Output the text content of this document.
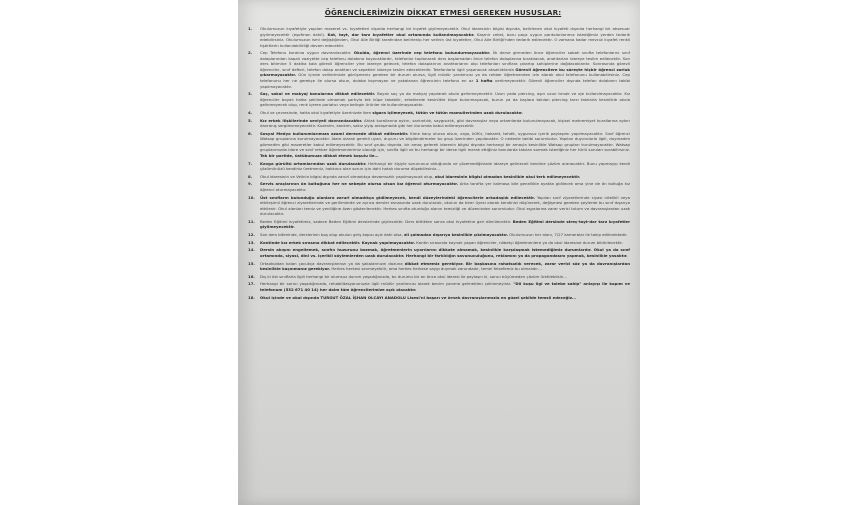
ÖĞRENCİLERİMİZİN DİKKAT ETMESİ GEREKEN HUSUSLAR:
1.	Okulumuzun kıyafetiyle yapılan mazeret vs. kıyafetleri dışında herhangi bir kıyafet giyilmeyecektir. Okul idaresinin bilgisi dışında, belirlenen okul kıyafeti dışında herhangi bir aksesuar giyilmeyecektir (eşofman dahil). Kot, tayt, dar tarz kıyafetler okul ortamında kullanılmayacaktır. Kaşmir ceket, boru paça uygun pantolonlarımız istediğimiz yerden tedarik edebilirsiniz. Okulumuzun ismi değiştiğinden, Okul Aile Birliği tarafından belirlenip her velinin üst kıyafetler, Okul Aile Birliği'nden tedarik edilecektir. O zamana kadar mevcut kıyafet renkli tişörtlerin kullanılabilirliği devam edecektir.
2.	Cep Telefonu kuralına uygun davranılacaktır. Okulda, öğrenci üzerinde cep telefonu bulundurmayacaktır. İlk derse girmeden önce öğrenciler sabah sınıfta telefonlarını sınıf dolaplarından kapalı vaziyette cep telefonu dolabına koyacaklardır, telefonlar toplanarak ders başlamadan önce telefon dolaplarına bırakılacak, anahtarları idareye teslim edilecektir. Son ders bitimine 5 dakika kala görevli öğrenciler yine idareye gelecek, telefon dolaplarının anahtarlarını alıp telefonları sınıflara çıkartıp sahiplerine dağıtacaklardır. Sonrasında görevli öğrenciler, sınıf defteri, telefon dolap anahtarı ve sepetleri idareye teslim edeceklerdir. Telefonlarla ilgili yaşanacak aksaklıklarda Görevli öğrencilere bu süreçte hiçbir öğrenci zorluk çıkarmayacaktır. Gün içinde velilerimizle görüşmeniz gereken bir durum olursa, ilgili müdür yardımcısı ya da rehber öğretmenden izin alarak okul telefonunu kullanabilirsiniz. Cep telefonunu her ne gerekçe ile olursa olsun, dolaba koymayan ve yakalanan öğrencinin telefonu en az 1 hafta verilmeyecektir. Görevli öğrenciler dışında telefon dolabının takibi yapılmayacaktır.
3.	Saç, sakal ve makyaj konularına dikkat edilecektir. Boyalı saç ya da makyaj yapılarak okula gelinmeyecektir. Uzun yada piercing, aşırı uzun tırnak ve oje kullanılmayacaktır. Kız öğrenciler boyalı halka şeklinde olmamak şartıyla tek küpe takabilir, erkeklerde kesinlikle küpe bulunmayacak, burun ya da kaşlara takılan piercing tarzı takılarla kesinlikle okula gelinmeyecek olup, renk içeren parlatıcı veya belirgin ürünler de kullanılmayacaktır.
4.	Okul ve çevresinde, hatta okul kıyafetiyle üzerinizde iken sigara içilmeyecek, tütün ve tütün mamullerinden uzak durulacaktır.
5.	Kız erkek ilişkilerinde seviyeli davranılacaktır. Ahlak kurallarına aykırı, sarkıntılık, saygısızlık, gibi davranışlar veya ortamlarda bulunulmayacak, kişisel mahremiyet kurallarına aykırı davranış sergilenmeyecektir. Kuzenim, kankim, sakız yiyip anlaşmadık gibi her durumda kabul edilmeyecektir.
6.	Sosyal Medya kullanımlarımıza azami derecede dikkat edilecektir. Kime karşı olursa olsun, argo, küfür, hakaret, tehdit, uygunsuz içerik paylaşımı yapılmayacaktır. Sınıf öğrenci Watsap gruplarına kurulmayacaktır. İdare olarak gerekli uyarı, duyuru ve bilgilendirmeler bu grup üzerinden yapılacaktır. O nedenle takibi sorumludur. Yapılan duyurularla ilgili, duymadım görmedim gibi mazeretler kabul edilmeyecektir. Bu sınıf grubu dışında, bir amaç gelerek idarenin bilgisi dışında herhangi bir amaçla kesinlikle Watsap grupları kurulmayacaktır. Watsap gruplarımızda idare ve sınıf rehber öğretmenlerimiz olacağı için, sınıfla ilgili ve bu herhangi bir derse ilgili merak ettiğiniz konularda takılan sormak istediğiniz her türlü soruları sorabilirsiniz. Tek bir partide, üstübumuza dikkat etmek koşulu ile…
7.	Kavga gürültü ortamlarından uzak durulacaktır. Herhangi bir kişiyle sorununuz olduğunda ve çözemediğinizde idareye gelinecek kendine çözüm aranacaktır. Bunu yapmayıp kendi çözümünüzü kendiniz üretmeniz, hakkınız olan sorun için dahi hatalı duruma düşebilirsiniz…
8.	Okul idaresinin ve Velinin bilgisi dışında zarurî olmadıkça devamsızlık yapılmayacak olup, okul idaresinin bilgisi olmadan kesinlikle okul terk edilmeyecektir.
9.	Servis araçlarının ön koltuğuna her ne sebeple olursa olsun kız öğrenci oturmayacaktır. Arka tarafta yer kalmasa bile genellikle ayakta gidilecek ama yine de ön koltuğa kız öğrenci oturmayacaktır.
10.	Üst sınıfların bulunduğu alanlara zarurî olmadıkça gidilmeyecek, kendi düzeylerindeki öğrencilerle arkadaşlık edilecektir. Yapılan sınıf ziyaretlerinde siyasi nitelikli veya etkileşimli öğrenci ziyaretlerinde ve gerilimlerde ve ayrıca dersler esnasında uzak durulacak, okulun da birer üyesi olarak kendinizi düşünerek, değişmesi gereken şeylerde bu sınıf dışarıya etkilenir. Okul alanları temiz ve yeniliğine özen gösterilecektir. Herkes sınıfta oturduğu alanın temizliği ve düzeninden sorumludur. Okul eşyalarına zarar verici tutum ve davranışlardan uzak durulacaktır.
11.	Beden Eğitimi kıyafetimiz, sadece Beden Eğitimi derslerinde giyilecektir. Ders bittikten sonra okul kıyafetine geri dönülecektir. Beden Eğitimi dersinde streç-tayt-dar tarz kıyafetler giyilmeyecektir.
12.	Son ders bitiminde, derslerinin boş olup okulun giriş kapısı açık dahi olsa, zil çalmadan dışarıya kesinlikle çıkılmayacaktır. Okulumuzun her alanı, 7/27 kameralar ile takip edilmektedir.
13.	Kantinde kız erkek sırasına dikkat edilecektir. Kaynak yapılmayacaktır. Kantin sırasında kaynak yapan öğrenciler, nöbetçi öğretmenlere ya da okul idaresine durum bildirilecektir.
14.	Dersin akışını engellemek, sınıfın huzurunu bozmak, öğretmenlerin uyarılarını dikkate almamak, kesinlikle karşılaşmak istemediğimiz durumlardır. Okul ya da sınıf ortamında, siyasi, dini vs. içerikli söylemlerden uzak durulacaktır. Herhangi bir farklılığın savunuculuğunu, reklamını ya da propagandasını yapmak, kesinlikle yasaktır.
15.	Ortaokuldan kalan çocukça davranışlarınızı ya da şakalarınızın dozuna dikkat etmemiz gerekiyor. Bir başkasına rahatsızlık verecek, zarar verici söz ya da davranışlardan kesinlikle kaçınmanız gerekiyor. Herkes herkesi sevmeyebilir, ama herkes herkese saygı duymak zorundadır, temel felsefemiz bu olmalıdır…
16.	Dış ki üst sınıflarla ilgili herhangi bir olumsuz durum yaşadığınızda, bu durumu bir an önce okul idaresi ile paylaşın ki, sorun büyümeden çözüm üretilebilsin…
17.	Herhangi bir sorun yaşadığınızda, rehabilitasyonunuzla ilgili müdür yardımcısı olarak benim yanıma gelmekten çekinmeyiniz. "Dil kuşu ilgi ve talebe sahip" anlayışı ile kapım ve telefonum (532 671 40 14) her daim tüm öğrencilerimize açık olacaktır.
18.	Okul içinde ve okul dışında TURGUT ÖZAL İŞHAN OLCAYI ANADOLU Lisesi'ni başarı ve örnek davranışlarımızla en güzel şekilde temsil edeceğiz…
